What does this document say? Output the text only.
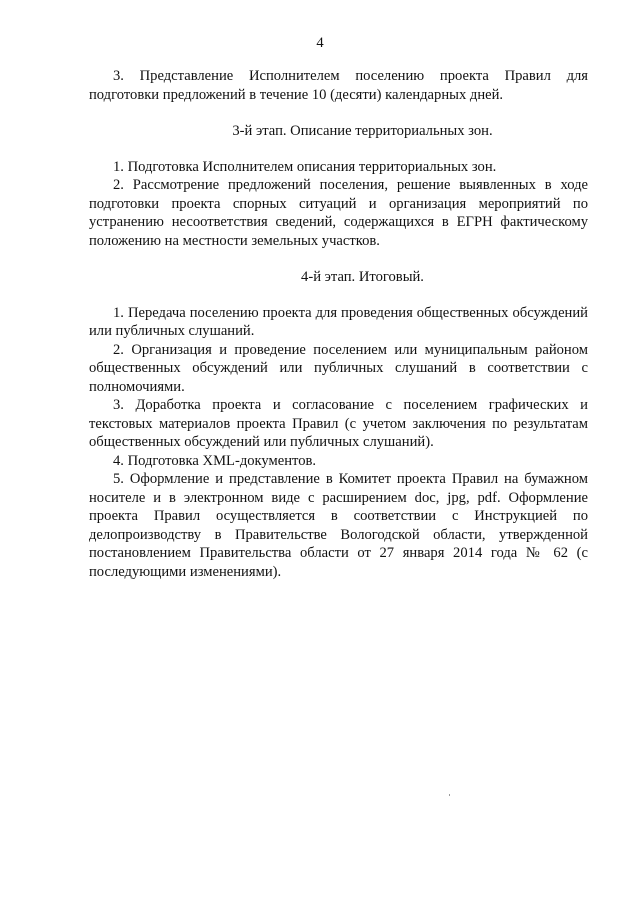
4

3. Представление Исполнителем поселению проекта Правил для подготовки предложений в течение 10 (десяти) календарных дней.

3-й этап. Описание территориальных зон.

1. Подготовка Исполнителем описания территориальных зон.

2. Рассмотрение предложений поселения, решение выявленных в ходе подготовки проекта спорных ситуаций и организация мероприятий по устранению несоответствия сведений, содержащихся в ЕГРН фактическому положению на местности земельных участков.

4-й этап. Итоговый.

1. Передача поселению проекта для проведения общественных обсуждений или публичных слушаний.

2. Организация и проведение поселением или муниципальным районом общественных обсуждений или публичных слушаний в соответствии с полномочиями.

3. Доработка проекта и согласование с поселением графических и текстовых материалов проекта Правил (с учетом заключения по результатам общественных обсуждений или публичных слушаний).

4. Подготовка XML-документов.

5. Оформление и представление в Комитет проекта Правил на бумажном носителе и в электронном виде с расширением doc, jpg, pdf. Оформление проекта Правил осуществляется в соответствии с Инструкцией по делопроизводству в Правительстве Вологодской области, утвержденной постановлением Правительства области от 27 января 2014 года № 62 (с последующими изменениями).
